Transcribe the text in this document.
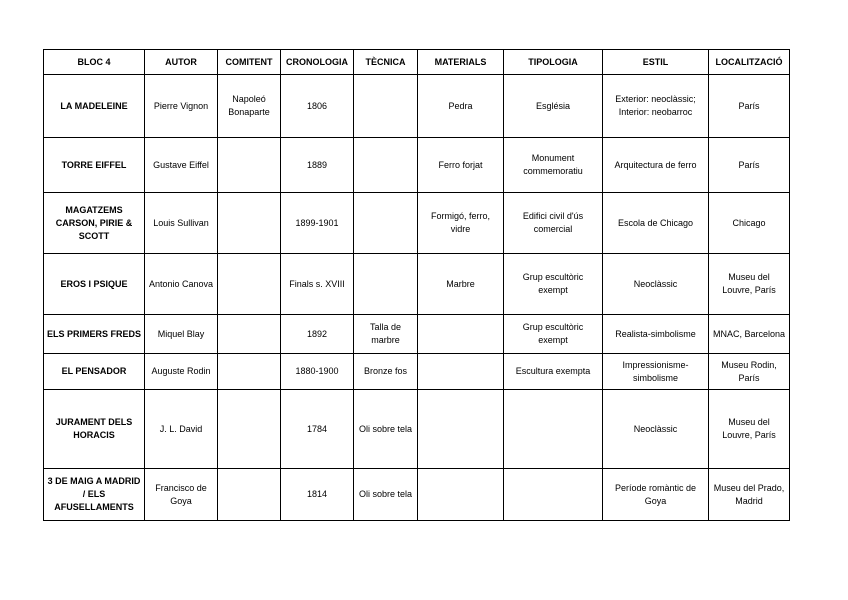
BLOC 4	AUTOR	COMITENT	CRONOLOGIA	TÈCNICA	MATERIALS	TIPOLOGIA	ESTIL	LOCALITZACIÓ
LA MADELEINE	Pierre Vignon	Napoleó Bonaparte	1806		Pedra	Església	Exterior: neoclàssic; Interior: neobarroc	París
TORRE EIFFEL	Gustave Eiffel		1889		Ferro forjat	Monument commemoratiu	Arquitectura de ferro	París
MAGATZEMS CARSON, PIRIE & SCOTT	Louis Sullivan		1899-1901		Formigó, ferro, vidre	Edifici civil d'ús comercial	Escola de Chicago	Chicago
EROS I PSIQUE	Antonio Canova		Finals s. XVIII		Marbre	Grup escultòric exempt	Neoclàssic	Museu del Louvre, París
ELS PRIMERS FREDS	Miquel Blay		1892	Talla de marbre		Grup escultòric exempt	Realista-simbolisme	MNAC, Barcelona
EL PENSADOR	Auguste Rodin		1880-1900	Bronze fos		Escultura exempta	Impressionisme-simbolisme	Museu Rodin, París
JURAMENT DELS HORACIS	J. L. David		1784	Oli sobre tela			Neoclàssic	Museu del Louvre, París
3 DE MAIG A MADRID / ELS AFUSELLAMENTS	Francisco de Goya		1814	Oli sobre tela			Període romàntic de Goya	Museu del Prado, Madrid
